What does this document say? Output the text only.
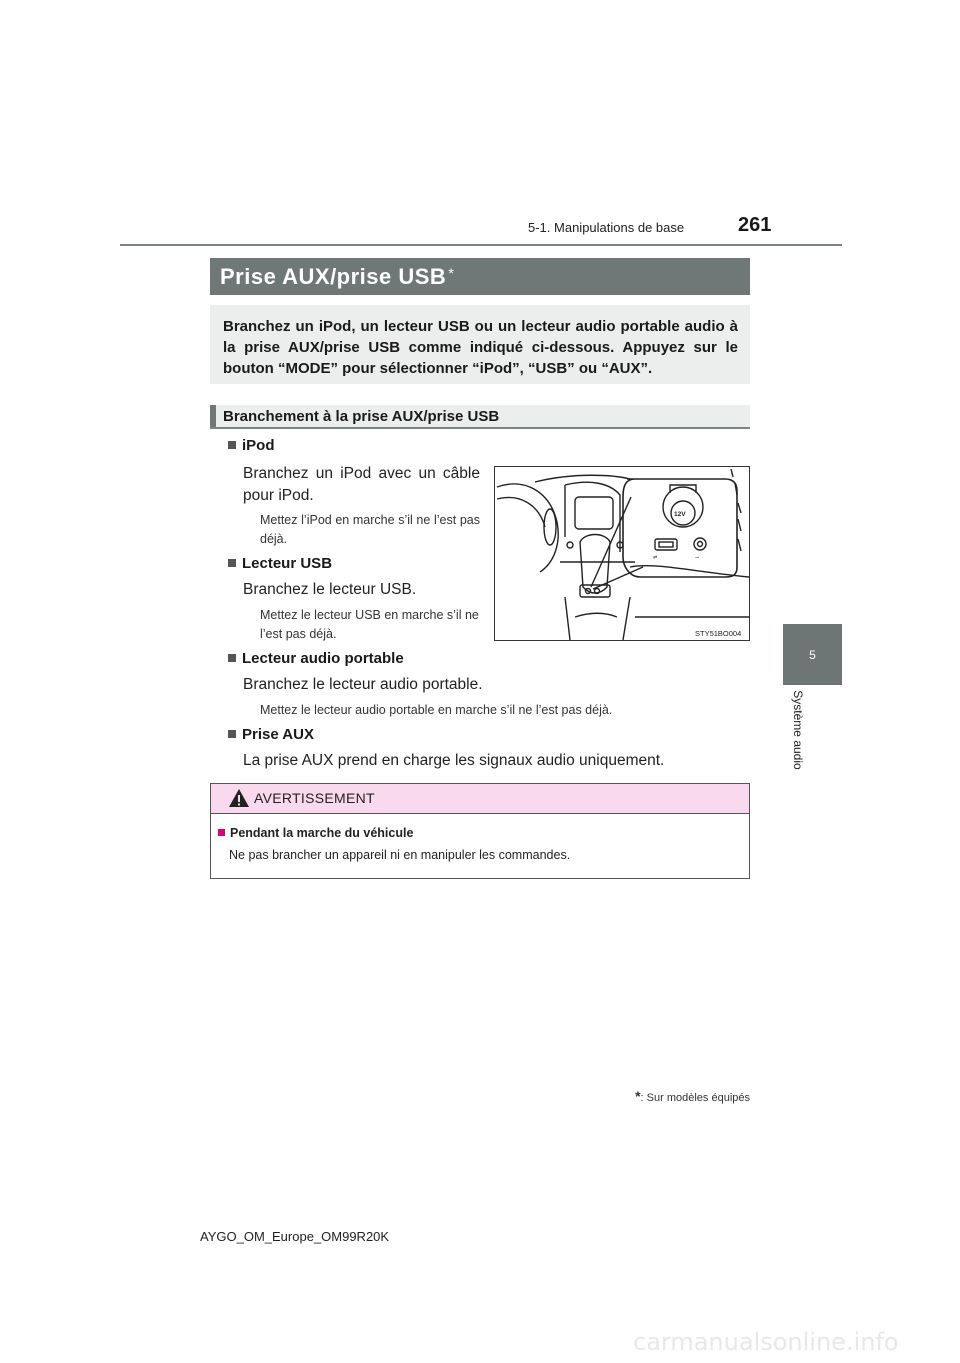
5-1. Manipulations de base	261
5
Système audio
Prise AUX/prise USB*
Branchez un iPod, un lecteur USB ou un lecteur audio portable audio à la prise AUX/prise USB comme indiqué ci-dessous. Appuyez sur le bouton “MODE” pour sélectionner “iPod”, “USB” ou “AUX”.
Branchement à la prise AUX/prise USB
iPod
Branchez un iPod avec un câble pour iPod.
Mettez l’iPod en marche s’il ne l’est pas déjà.
Lecteur USB
Branchez le lecteur USB.
Mettez le lecteur USB en marche s’il ne l’est pas déjà.
12V
⇌	⊸
STY51BO004
Lecteur audio portable
Branchez le lecteur audio portable.
Mettez le lecteur audio portable en marche s’il ne l’est pas déjà.
Prise AUX
La prise AUX prend en charge les signaux audio uniquement.
AVERTISSEMENT
Pendant la marche du véhicule
Ne pas brancher un appareil ni en manipuler les commandes.
*: Sur modèles équipés
AYGO_OM_Europe_OM99R20K
carmanualsonline.info
